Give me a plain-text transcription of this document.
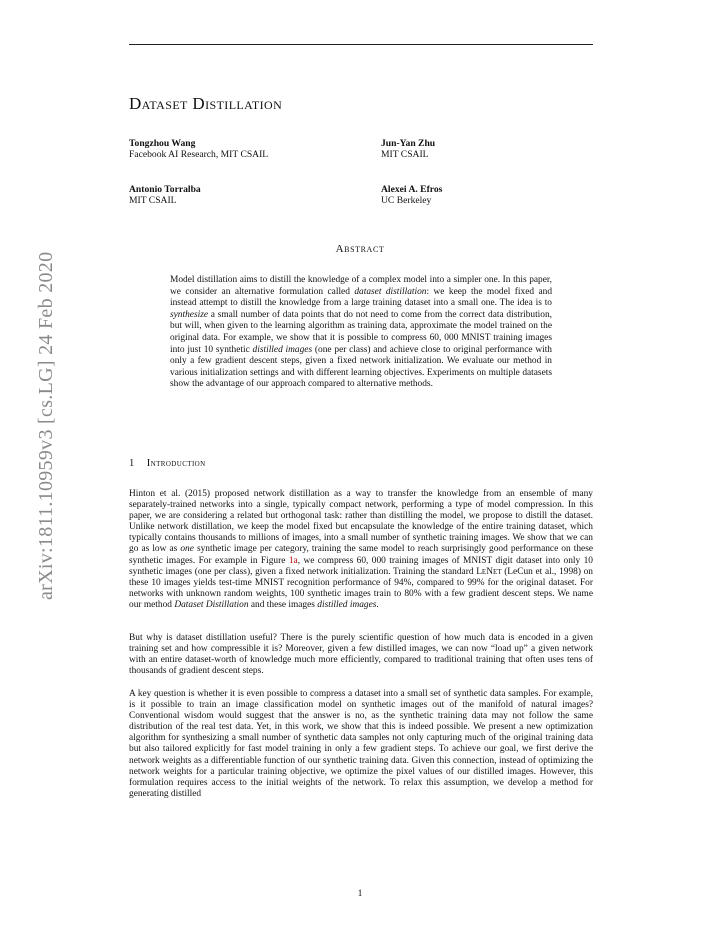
arXiv:1811.10959v3 [cs.LG] 24 Feb 2020
Dataset Distillation
Tongzhou Wang
Facebook AI Research, MIT CSAIL
Jun-Yan Zhu
MIT CSAIL
Antonio Torralba
MIT CSAIL
Alexei A. Efros
UC Berkeley
Abstract

Model distillation aims to distill the knowledge of a complex model into a simpler one. In this paper, we consider an alternative formulation called dataset distillation: we keep the model fixed and instead attempt to distill the knowledge from a large training dataset into a small one. The idea is to synthesize a small number of data points that do not need to come from the correct data distribution, but will, when given to the learning algorithm as training data, approximate the model trained on the original data. For example, we show that it is possible to compress 60, 000 MNIST training images into just 10 synthetic distilled images (one per class) and achieve close to original performance with only a few gradient descent steps, given a fixed network initialization. We evaluate our method in various initialization settings and with different learning objectives. Experiments on multiple datasets show the advantage of our approach compared to alternative methods.

1 Introduction

Hinton et al. (2015) proposed network distillation as a way to transfer the knowledge from an ensemble of many separately-trained networks into a single, typically compact network, performing a type of model compression. In this paper, we are considering a related but orthogonal task: rather than distilling the model, we propose to distill the dataset. Unlike network distillation, we keep the model fixed but encapsulate the knowledge of the entire training dataset, which typically contains thousands to millions of images, into a small number of synthetic training images. We show that we can go as low as one synthetic image per category, training the same model to reach surprisingly good performance on these synthetic images. For example in Figure 1a, we compress 60, 000 training images of MNIST digit dataset into only 10 synthetic images (one per class), given a fixed network initialization. Training the standard LeNet (LeCun et al., 1998) on these 10 images yields test-time MNIST recognition performance of 94%, compared to 99% for the original dataset. For networks with unknown random weights, 100 synthetic images train to 80% with a few gradient descent steps. We name our method Dataset Distillation and these images distilled images.

But why is dataset distillation useful? There is the purely scientific question of how much data is encoded in a given training set and how compressible it is? Moreover, given a few distilled images, we can now “load up” a given network with an entire dataset-worth of knowledge much more efficiently, compared to traditional training that often uses tens of thousands of gradient descent steps.

A key question is whether it is even possible to compress a dataset into a small set of synthetic data samples. For example, is it possible to train an image classification model on synthetic images out of the manifold of natural images? Conventional wisdom would suggest that the answer is no, as the synthetic training data may not follow the same distribution of the real test data. Yet, in this work, we show that this is indeed possible. We present a new optimization algorithm for synthesizing a small number of synthetic data samples not only capturing much of the original training data but also tailored explicitly for fast model training in only a few gradient steps. To achieve our goal, we first derive the network weights as a differentiable function of our synthetic training data. Given this connection, instead of optimizing the network weights for a particular training objective, we optimize the pixel values of our distilled images. However, this formulation requires access to the initial weights of the network. To relax this assumption, we develop a method for generating distilled

1
